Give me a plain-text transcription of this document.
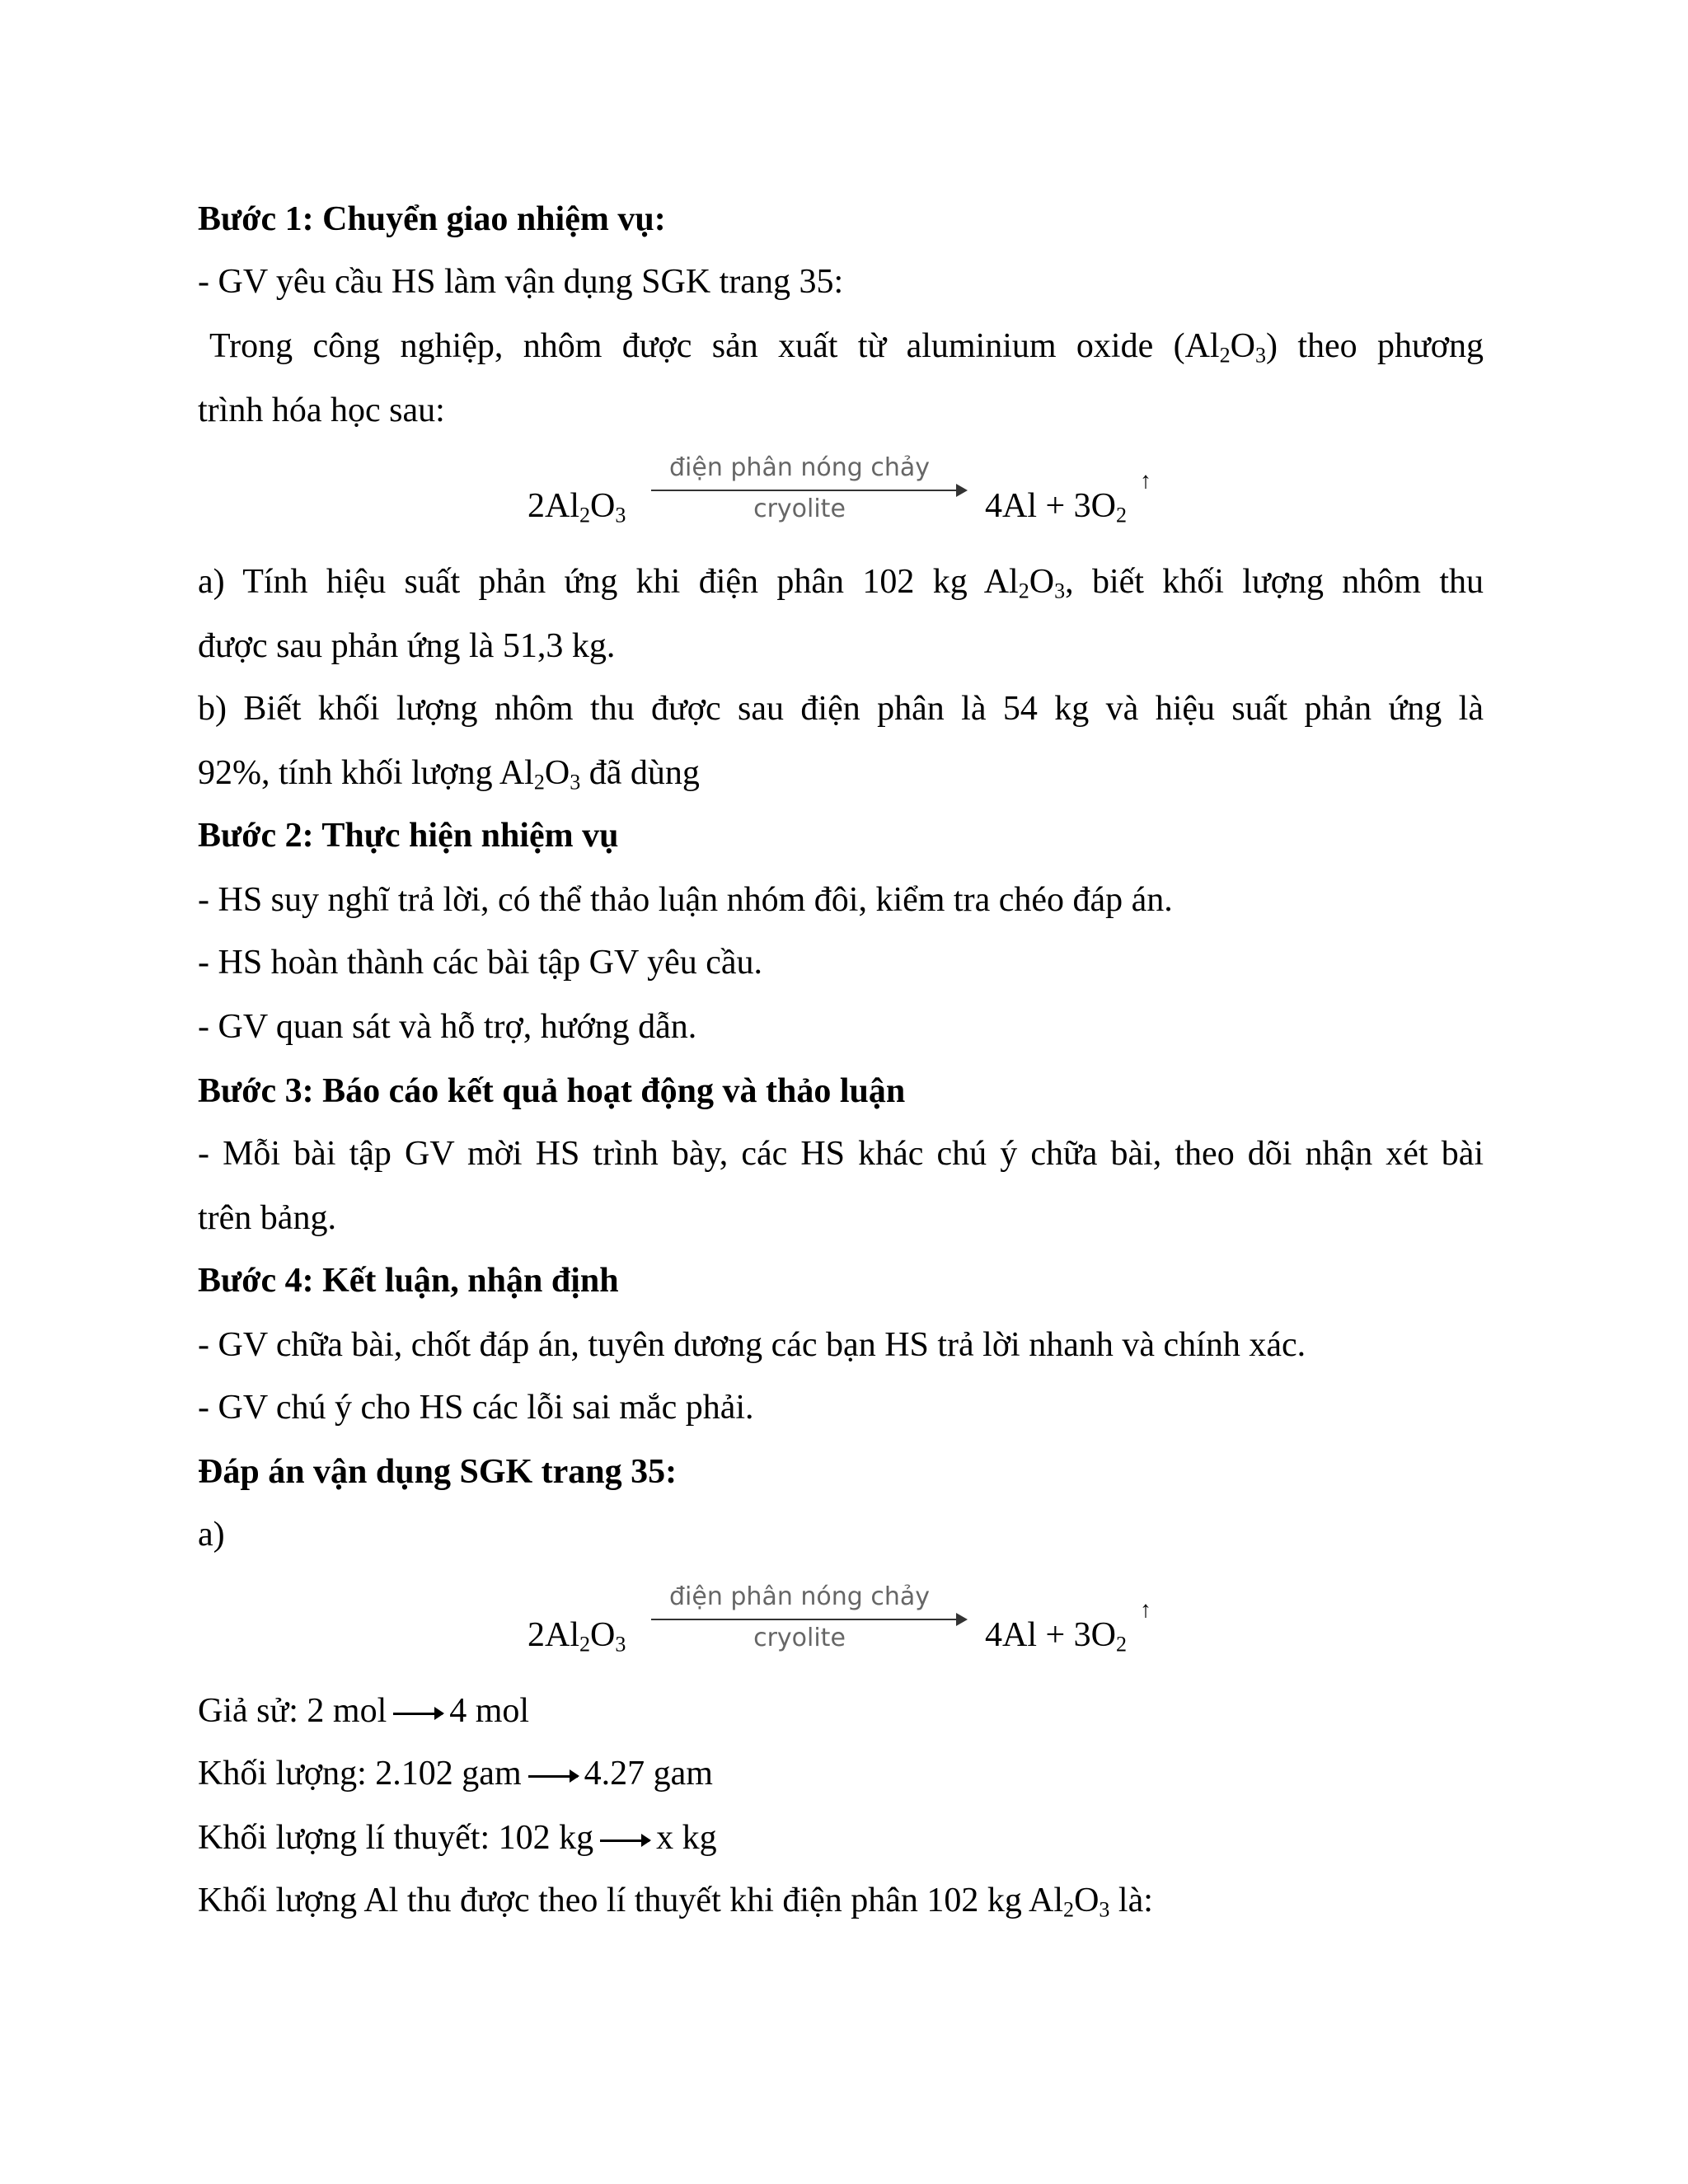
Bước 1: Chuyển giao nhiệm vụ:
- GV yêu cầu HS làm vận dụng SGK trang 35:
Trong công nghiệp, nhôm được sản xuất từ aluminium oxide $(Al_2O_3)$ theo phương
trình hóa học sau:
$2Al_2O_3$
điện phân nóng chảy
cryolite	$4Al + 3O_2$
↑
a) Tính hiệu suất phản ứng khi điện phân 102 kg $Al_2O_3$, biết khối lượng nhôm thu
được sau phản ứng là 51,3 kg.
b) Biết khối lượng nhôm thu được sau điện phân là 54 kg và hiệu suất phản ứng là
92%, tính khối lượng $Al_2O_3$ đã dùng
Bước 2: Thực hiện nhiệm vụ
- HS suy nghĩ trả lời, có thể thảo luận nhóm đôi, kiểm tra chéo đáp án.
- HS hoàn thành các bài tập GV yêu cầu.
- GV quan sát và hỗ trợ, hướng dẫn.
Bước 3: Báo cáo kết quả hoạt động và thảo luận
- Mỗi bài tập GV mời HS trình bày, các HS khác chú ý chữa bài, theo dõi nhận xét bài
trên bảng.
Bước 4: Kết luận, nhận định
- GV chữa bài, chốt đáp án, tuyên dương các bạn HS trả lời nhanh và chính xác.
- GV chú ý cho HS các lỗi sai mắc phải.
Đáp án vận dụng SGK trang 35:
a)
$2Al_2O_3$
điện phân nóng chảy
cryolite	$4Al + 3O_2$
↑
Giả sử: 2 mol 4 mol
Khối lượng: 2.102 gam 4.27 gam
Khối lượng lí thuyết: 102 kg x kg
Khối lượng Al thu được theo lí thuyết khi điện phân 102 kg $Al_2O_3$ là:
